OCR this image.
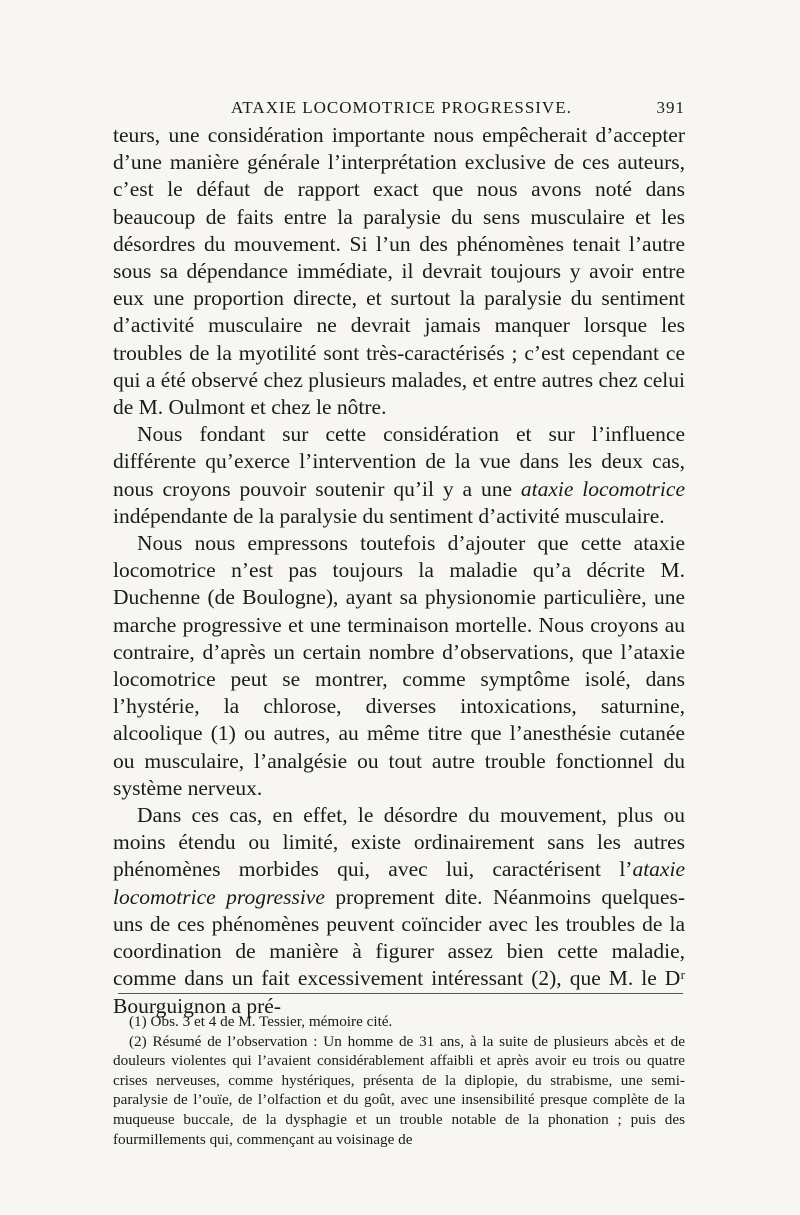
ATAXIE LOCOMOTRICE PROGRESSIVE.	391

teurs, une considération importante nous empêcherait d’accepter d’une manière générale l’interprétation exclusive de ces auteurs, c’est le défaut de rapport exact que nous avons noté dans beaucoup de faits entre la paralysie du sens musculaire et les désordres du mouvement. Si l’un des phénomènes tenait l’autre sous sa dépendance immédiate, il devrait toujours y avoir entre eux une proportion directe, et surtout la paralysie du sentiment d’activité musculaire ne devrait jamais manquer lorsque les troubles de la myotilité sont très-caractérisés ; c’est cependant ce qui a été observé chez plusieurs malades, et entre autres chez celui de M. Oulmont et chez le nôtre.

Nous fondant sur cette considération et sur l’influence différente qu’exerce l’intervention de la vue dans les deux cas, nous croyons pouvoir soutenir qu’il y a une ataxie locomotrice indépendante de la paralysie du sentiment d’activité musculaire.

Nous nous empressons toutefois d’ajouter que cette ataxie locomotrice n’est pas toujours la maladie qu’a décrite M. Duchenne (de Boulogne), ayant sa physionomie particulière, une marche progressive et une terminaison mortelle. Nous croyons au contraire, d’après un certain nombre d’observations, que l’ataxie locomotrice peut se montrer, comme symptôme isolé, dans l’hystérie, la chlorose, diverses intoxications, saturnine, alcoolique (1) ou autres, au même titre que l’anesthésie cutanée ou musculaire, l’analgésie ou tout autre trouble fonctionnel du système nerveux.

Dans ces cas, en effet, le désordre du mouvement, plus ou moins étendu ou limité, existe ordinairement sans les autres phénomènes morbides qui, avec lui, caractérisent l’ataxie locomotrice progressive proprement dite. Néanmoins quelques-uns de ces phénomènes peuvent coïncider avec les troubles de la coordination de manière à figurer assez bien cette maladie, comme dans un fait excessivement intéressant (2), que M. le Dʳ Bourguignon a pré-

(1) Obs. 3 et 4 de M. Tessier, mémoire cité.

(2) Résumé de l’observation : Un homme de 31 ans, à la suite de plusieurs abcès et de douleurs violentes qui l’avaient considérablement affaibli et après avoir eu trois ou quatre crises nerveuses, comme hystériques, présenta de la diplopie, du strabisme, une semi-paralysie de l’ouïe, de l’olfaction et du goût, avec une insensibilité presque complète de la muqueuse buccale, de la dysphagie et un trouble notable de la phonation ; puis des fourmillements qui, commençant au voisinage de
